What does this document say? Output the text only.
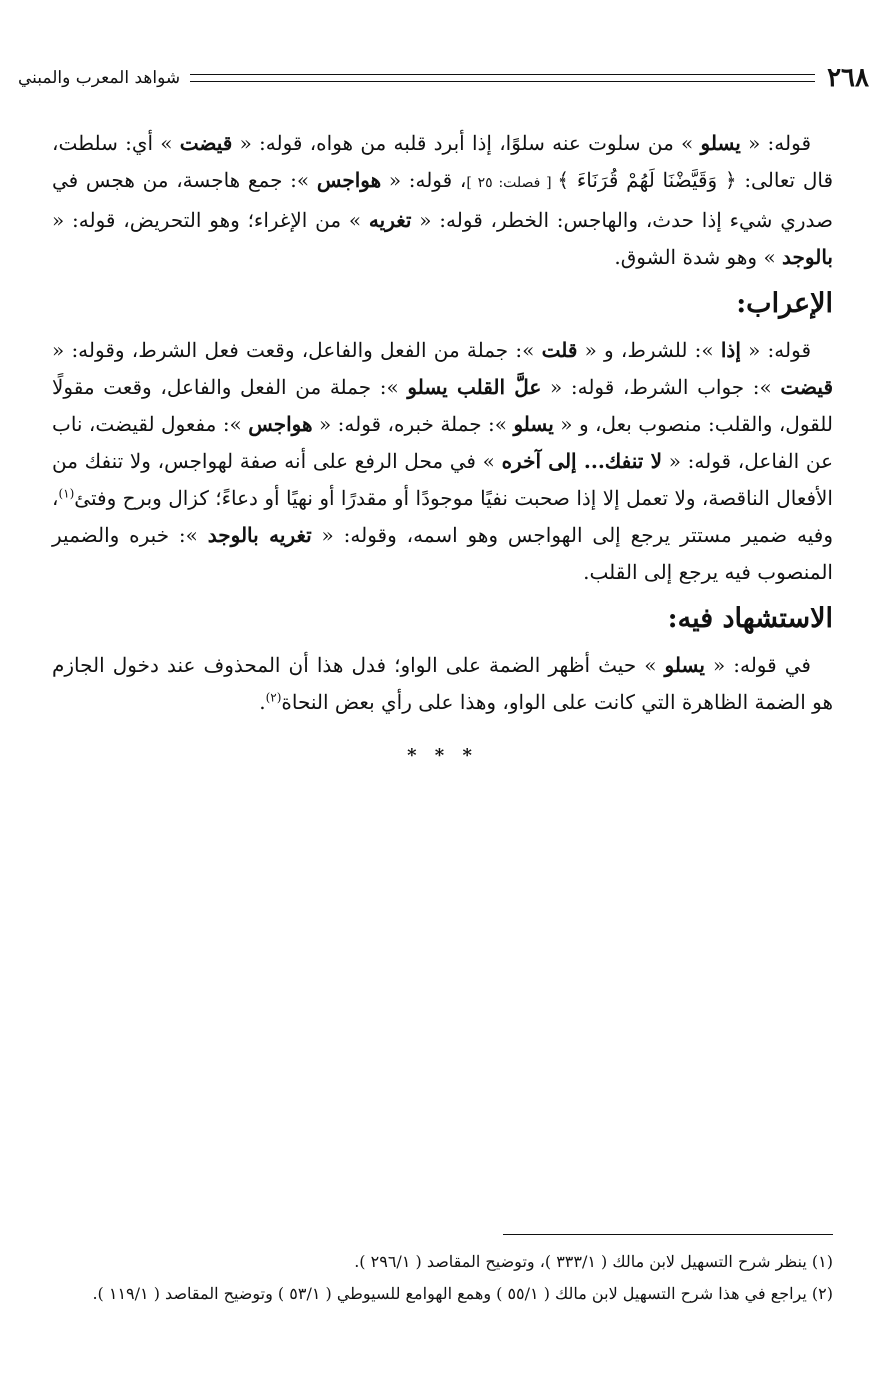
٢٦٨
شواهد المعرب والمبني

قوله: « يسلو » من سلوت عنه سلوًا، إذا أبرد قلبه من هواه، قوله: « قيضت » أي: سلطت، قال تعالى: ﴿ وَقَيَّضْنَا لَهُمْ قُرَنَاءَ ﴾ [ فصلت: ٢٥ ]، قوله: « هواجس »: جمع هاجسة، من هجس في صدري شيء إذا حدث، والهاجس: الخطر، قوله: « تغريه » من الإغراء؛ وهو التحريض، قوله: « بالوجد » وهو شدة الشوق.

الإعراب:

قوله: « إذا »: للشرط، و « قلت »: جملة من الفعل والفاعل، وقعت فعل الشرط، وقوله: « قيضت »: جواب الشرط، قوله: « علَّ القلب يسلو »: جملة من الفعل والفاعل، وقعت مقولًا للقول، والقلب: منصوب بعل، و « يسلو »: جملة خبره، قوله: « هواجس »: مفعول لقيضت، ناب عن الفاعل، قوله: « لا تنفك... إلى آخره » في محل الرفع على أنه صفة لهواجس، ولا تنفك من الأفعال الناقصة، ولا تعمل إلا إذا صحبت نفيًا موجودًا أو مقدرًا أو نهيًا أو دعاءً؛ كزال وبرح وفتئ$^{(١)}$، وفيه ضمير مستتر يرجع إلى الهواجس وهو اسمه، وقوله: « تغريه بالوجد »: خبره والضمير المنصوب فيه يرجع إلى القلب.

الاستشهاد فيه:

في قوله: « يسلو » حيث أظهر الضمة على الواو؛ فدل هذا أن المحذوف عند دخول الجازم هو الضمة الظاهرة التي كانت على الواو، وهذا على رأي بعض النحاة$^{(٢)}$.

* * *

(١) ينظر شرح التسهيل لابن مالك ( ٣٣٣/١ )، وتوضيح المقاصد ( ٢٩٦/١ ).

(٢) يراجع في هذا شرح التسهيل لابن مالك ( ٥٥/١ ) وهمع الهوامع للسيوطي ( ٥٣/١ ) وتوضيح المقاصد ( ١١٩/١ ).
